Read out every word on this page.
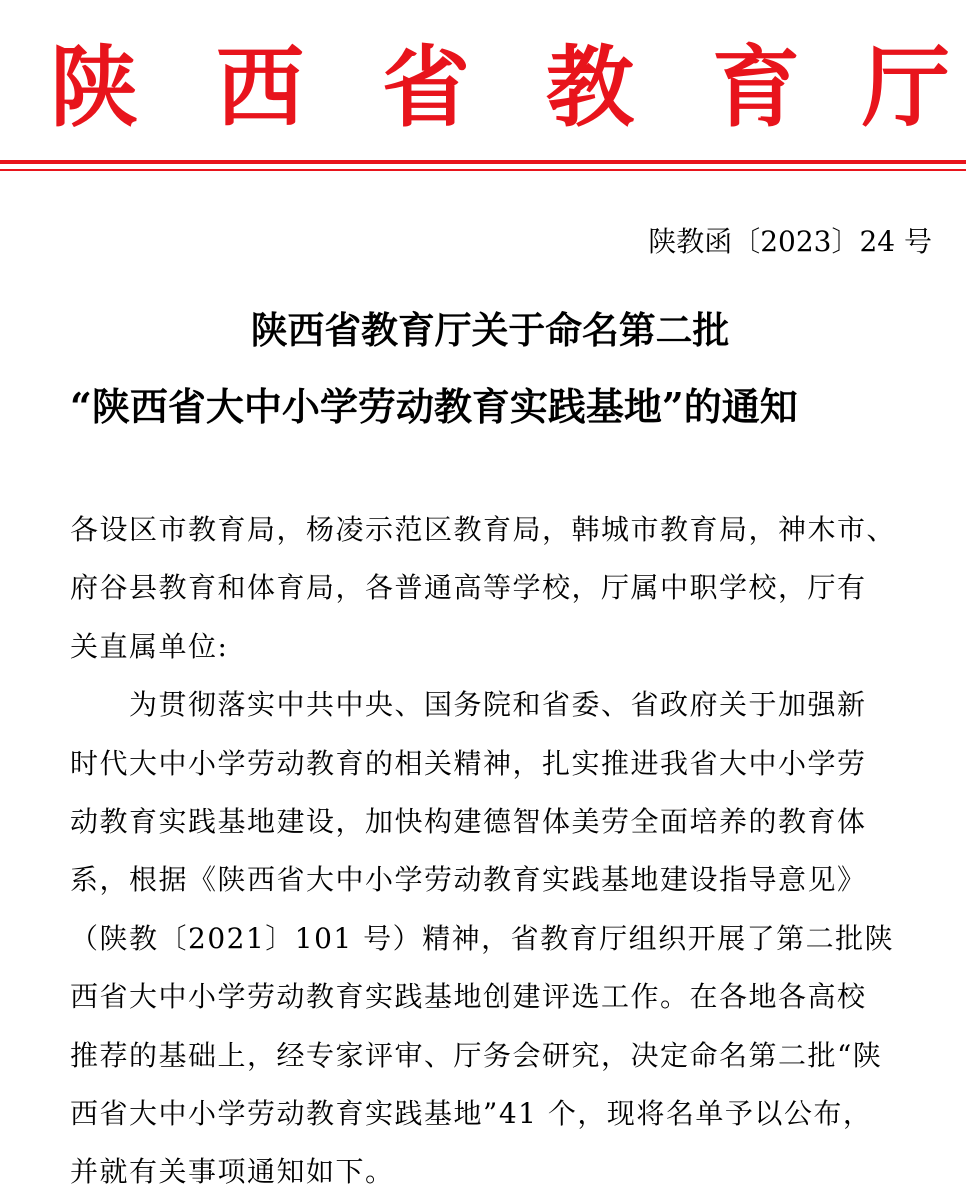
陕 西 省 教 育 厅
陕教函〔2023〕24 号
陕西省教育厅关于命名第二批
“陕西省大中小学劳动教育实践基地”的通知
各设区市教育局，杨凌示范区教育局，韩城市教育局，神木市、
府谷县教育和体育局，各普通高等学校，厅属中职学校，厅有
关直属单位:
　　为贯彻落实中共中央、国务院和省委、省政府关于加强新
时代大中小学劳动教育的相关精神，扎实推进我省大中小学劳
动教育实践基地建设，加快构建德智体美劳全面培养的教育体
系，根据《陕西省大中小学劳动教育实践基地建设指导意见》
（陕教〔2021〕101 号）精神，省教育厅组织开展了第二批陕
西省大中小学劳动教育实践基地创建评选工作。在各地各高校
推荐的基础上，经专家评审、厅务会研究，决定命名第二批“陕
西省大中小学劳动教育实践基地”41 个，现将名单予以公布，
并就有关事项通知如下。
